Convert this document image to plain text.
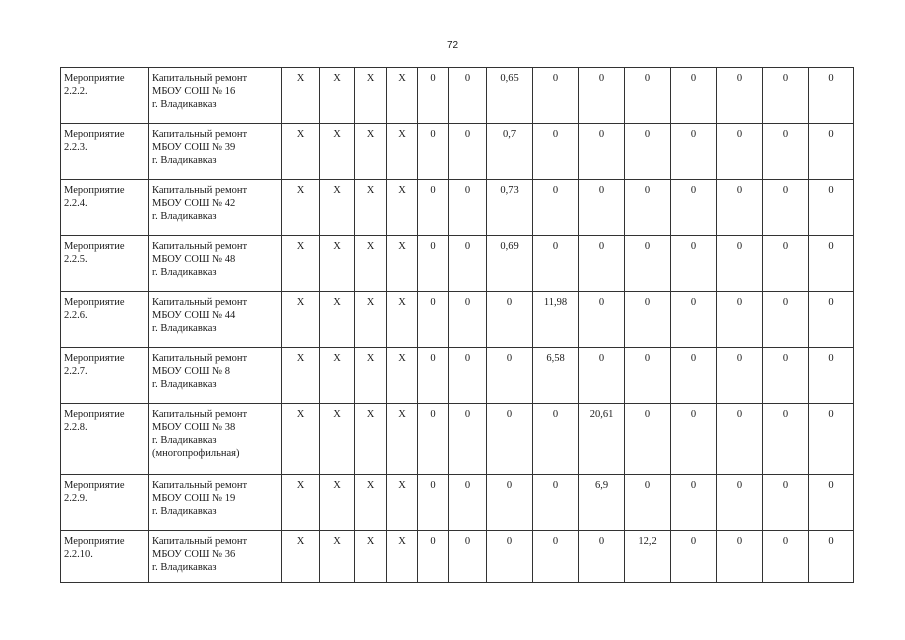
72
Мероприятие 2.2.2.	Капитальный ремонт
МБОУ СОШ № 16
г. Владикавказ	X	X	X	X	0	0	0,65	0	0	0	0	0	0	0
Мероприятие 2.2.3.	Капитальный ремонт
МБОУ СОШ № 39
г. Владикавказ	X	X	X	X	0	0	0,7	0	0	0	0	0	0	0
Мероприятие 2.2.4.	Капитальный ремонт
МБОУ СОШ № 42
г. Владикавказ	X	X	X	X	0	0	0,73	0	0	0	0	0	0	0
Мероприятие 2.2.5.	Капитальный ремонт
МБОУ СОШ № 48
г. Владикавказ	X	X	X	X	0	0	0,69	0	0	0	0	0	0	0
Мероприятие 2.2.6.	Капитальный ремонт
МБОУ СОШ № 44
г. Владикавказ	X	X	X	X	0	0	0	11,98	0	0	0	0	0	0
Мероприятие 2.2.7.	Капитальный ремонт
МБОУ СОШ № 8
г. Владикавказ	X	X	X	X	0	0	0	6,58	0	0	0	0	0	0
Мероприятие 2.2.8.	Капитальный ремонт
МБОУ СОШ № 38
г. Владикавказ
(многопрофильная)	X	X	X	X	0	0	0	0	20,61	0	0	0	0	0
Мероприятие 2.2.9.	Капитальный ремонт
МБОУ СОШ № 19
г. Владикавказ	X	X	X	X	0	0	0	0	6,9	0	0	0	0	0
Мероприятие 2.2.10.	Капитальный ремонт
МБОУ СОШ № 36
г. Владикавказ	X	X	X	X	0	0	0	0	0	12,2	0	0	0	0
